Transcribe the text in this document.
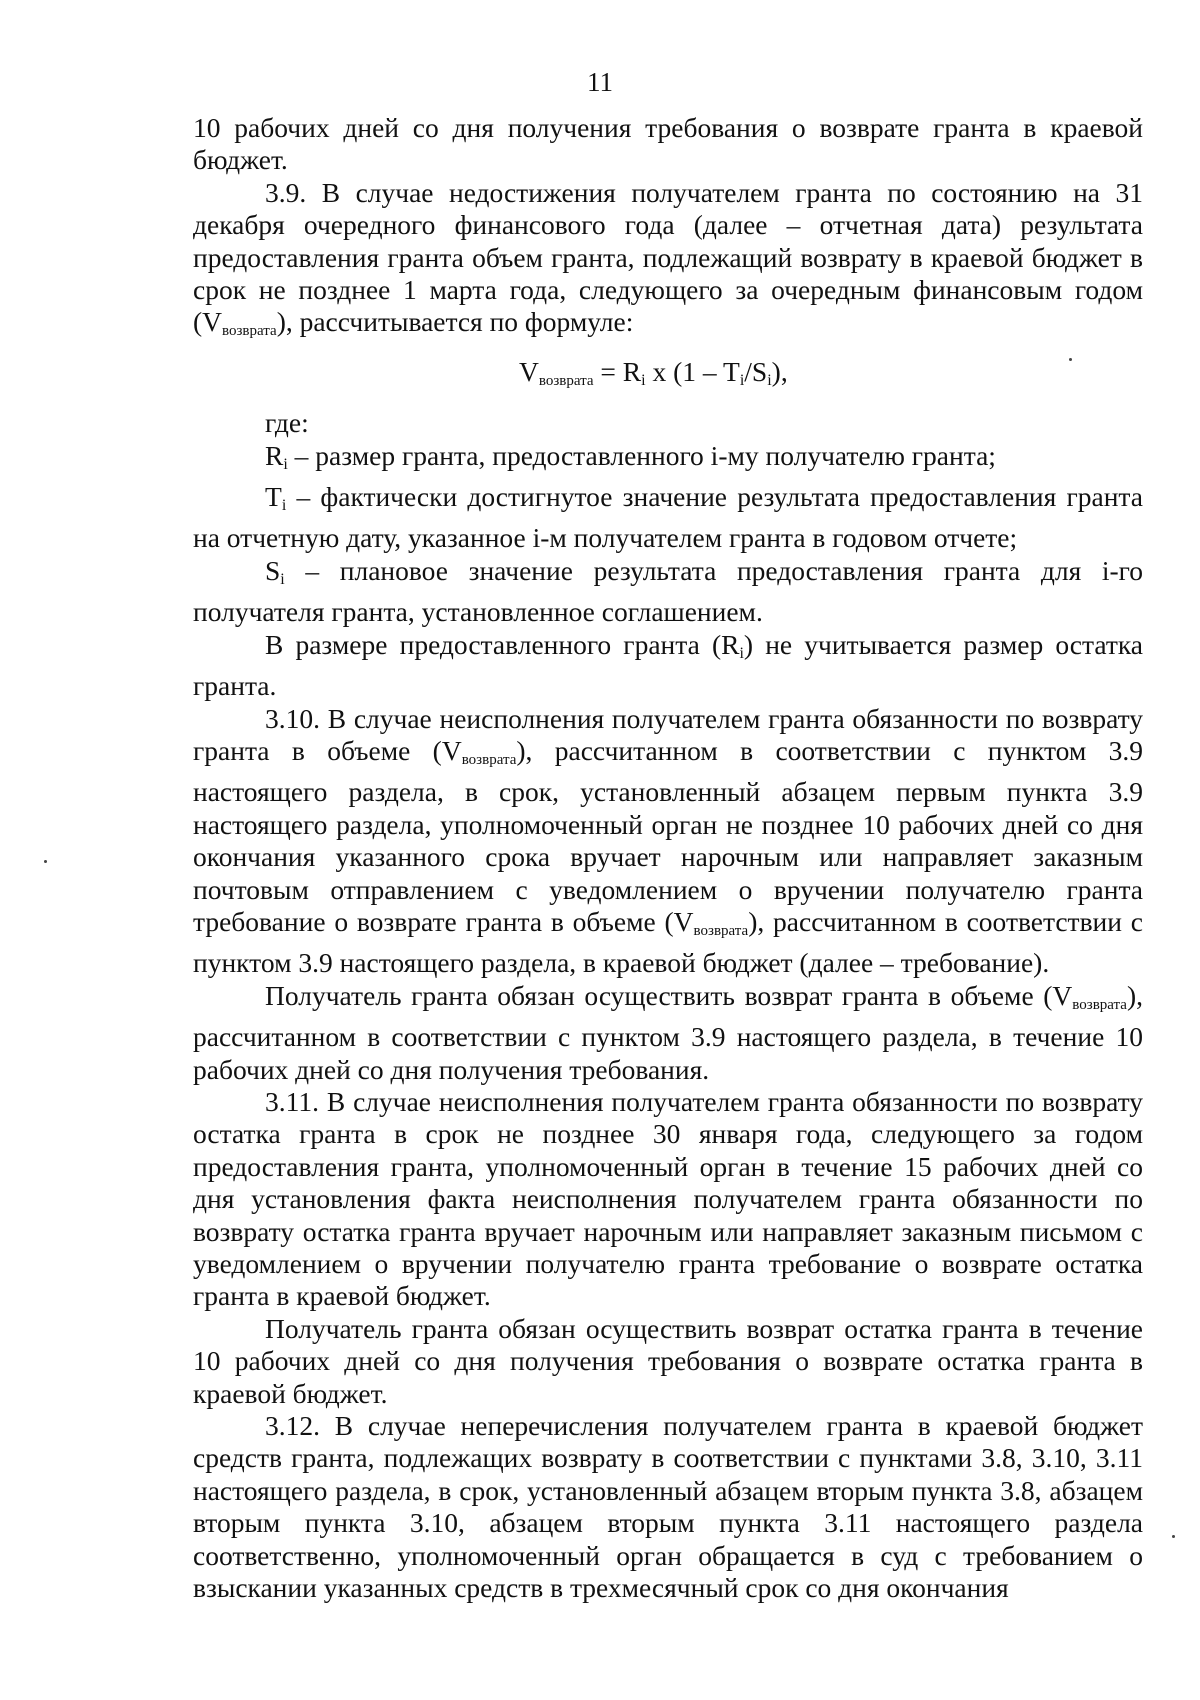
11

10 рабочих дней со дня получения требования о возврате гранта в краевой бюджет.

3.9. В случае недостижения получателем гранта по состоянию на 31 декабря очередного финансового года (далее – отчетная дата) результата предоставления гранта объем гранта, подлежащий возврату в краевой бюджет в срок не позднее 1 марта года, следующего за очередным финансовым годом $(V_{возврата})$, рассчитывается по формуле:

$V_{возврата} = Ri$ x (1 – Ti/Si),

где:

Ri – размер гранта, предоставленного i-му получателю гранта;

Ti – фактически достигнутое значение результата предоставления гранта на отчетную дату, указанное i-м получателем гранта в годовом отчете;

Si – плановое значение результата предоставления гранта для i-го получателя гранта, установленное соглашением.

В размере предоставленного гранта (Ri) не учитывается размер остатка гранта.

3.10. В случае неисполнения получателем гранта обязанности по возврату гранта в объеме $(V_{возврата})$, рассчитанном в соответствии с пунктом 3.9 настоящего раздела, в срок, установленный абзацем первым пункта 3.9 настоящего раздела, уполномоченный орган не позднее 10 рабочих дней со дня окончания указанного срока вручает нарочным или направляет заказным почтовым отправлением с уведомлением о вручении получателю гранта требование о возврате гранта в объеме $(V_{возврата})$, рассчитанном в соответствии с пунктом 3.9 настоящего раздела, в краевой бюджет (далее – требование).

Получатель гранта обязан осуществить возврат гранта в объеме $(V_{возврата})$, рассчитанном в соответствии с пунктом 3.9 настоящего раздела, в течение 10 рабочих дней со дня получения требования.

3.11. В случае неисполнения получателем гранта обязанности по возврату остатка гранта в срок не позднее 30 января года, следующего за годом предоставления гранта, уполномоченный орган в течение 15 рабочих дней со дня установления факта неисполнения получателем гранта обязанности по возврату остатка гранта вручает нарочным или направляет заказным письмом с уведомлением о вручении получателю гранта требование о возврате остатка гранта в краевой бюджет.

Получатель гранта обязан осуществить возврат остатка гранта в течение 10 рабочих дней со дня получения требования о возврате остатка гранта в краевой бюджет.

3.12. В случае неперечисления получателем гранта в краевой бюджет средств гранта, подлежащих возврату в соответствии с пунктами 3.8, 3.10, 3.11 настоящего раздела, в срок, установленный абзацем вторым пункта 3.8, абзацем вторым пункта 3.10, абзацем вторым пункта 3.11 настоящего раздела соответственно, уполномоченный орган обращается в суд с требованием о взыскании указанных средств в трехмесячный срок со дня окончания
